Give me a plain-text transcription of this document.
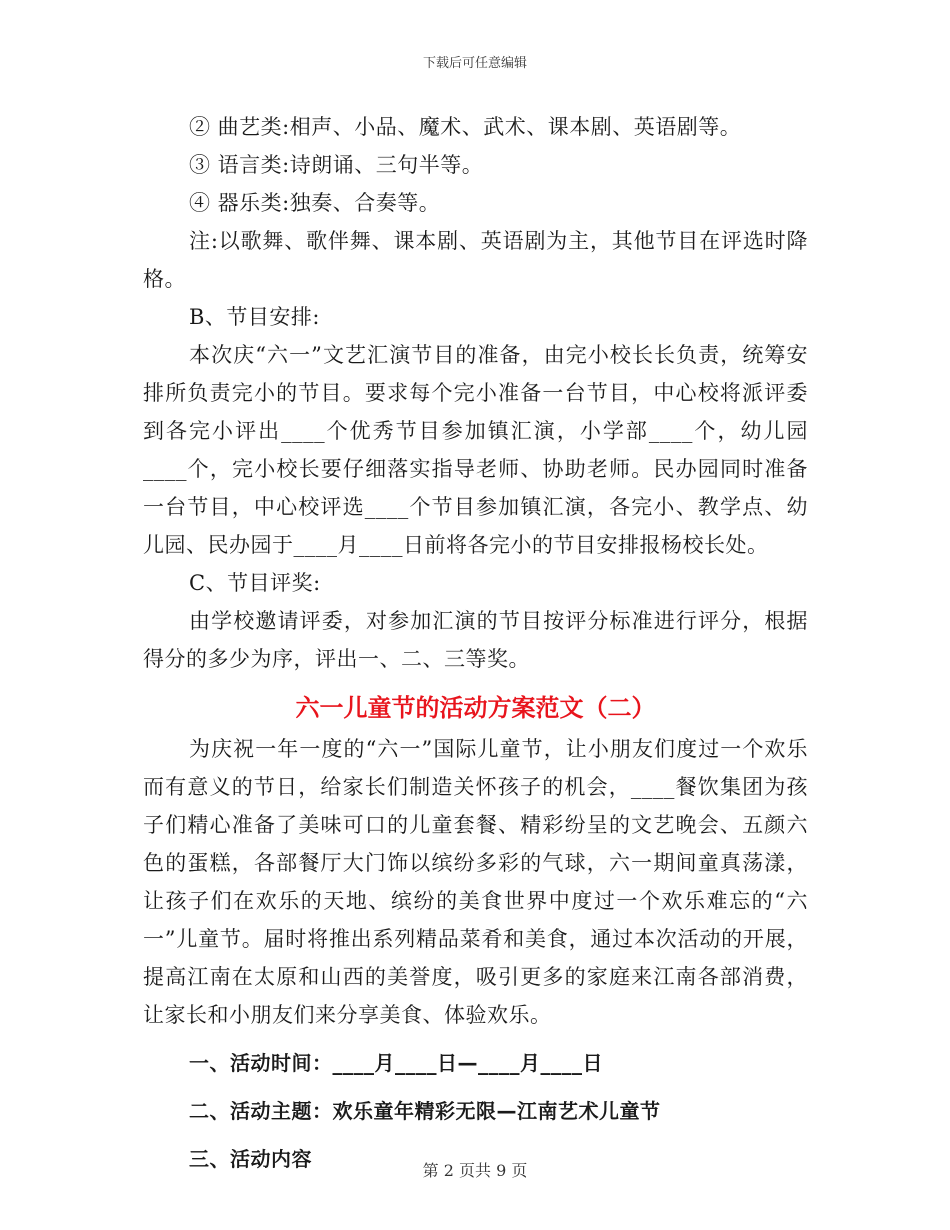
下载后可任意编辑

② 曲艺类:相声、小品、魔术、武术、课本剧、英语剧等。

③ 语言类:诗朗诵、三句半等。

④ 器乐类:独奏、合奏等。

注:以歌舞、歌伴舞、课本剧、英语剧为主，其他节目在评选时降格。

B、节目安排:

本次庆“六一”文艺汇演节目的准备，由完小校长长负责，统筹安排所负责完小的节目。要求每个完小准备一台节目，中心校将派评委到各完小评出____个优秀节目参加镇汇演，小学部____个，幼儿园____个，完小校长要仔细落实指导老师、协助老师。民办园同时准备一台节目，中心校评选____个节目参加镇汇演，各完小、教学点、幼儿园、民办园于____月____日前将各完小的节目安排报杨校长处。

C、节目评奖:

由学校邀请评委，对参加汇演的节目按评分标准进行评分，根据得分的多少为序，评出一、二、三等奖。

六一儿童节的活动方案范文（二）

为庆祝一年一度的“六一”国际儿童节，让小朋友们度过一个欢乐而有意义的节日，给家长们制造关怀孩子的机会，____餐饮集团为孩子们精心准备了美味可口的儿童套餐、精彩纷呈的文艺晚会、五颜六色的蛋糕，各部餐厅大门饰以缤纷多彩的气球，六一期间童真荡漾，让孩子们在欢乐的天地、缤纷的美食世界中度过一个欢乐难忘的“六一”儿童节。届时将推出系列精品菜肴和美食，通过本次活动的开展，提高江南在太原和山西的美誉度，吸引更多的家庭来江南各部消费，让家长和小朋友们来分享美食、体验欢乐。

一、活动时间：____月____日—____月____日

二、活动主题：欢乐童年精彩无限—江南艺术儿童节

三、活动内容	第 2 页共 9 页
